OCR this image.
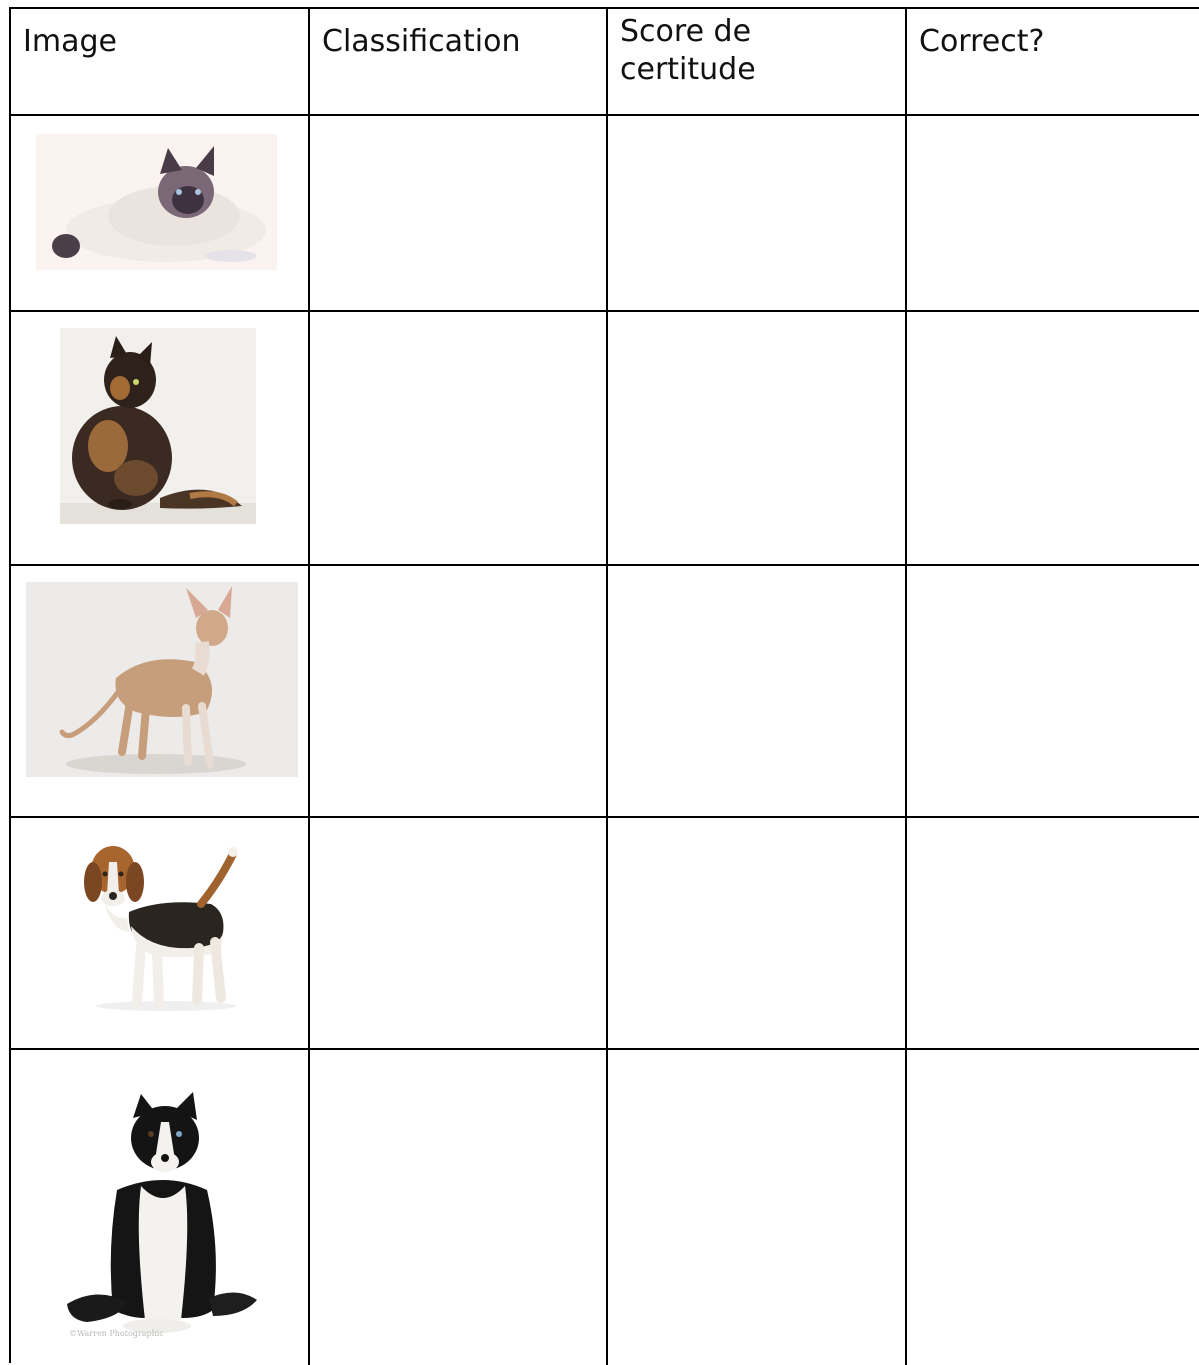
Image	Classification	Score de certitude
Correct?
©Warren Photographic
